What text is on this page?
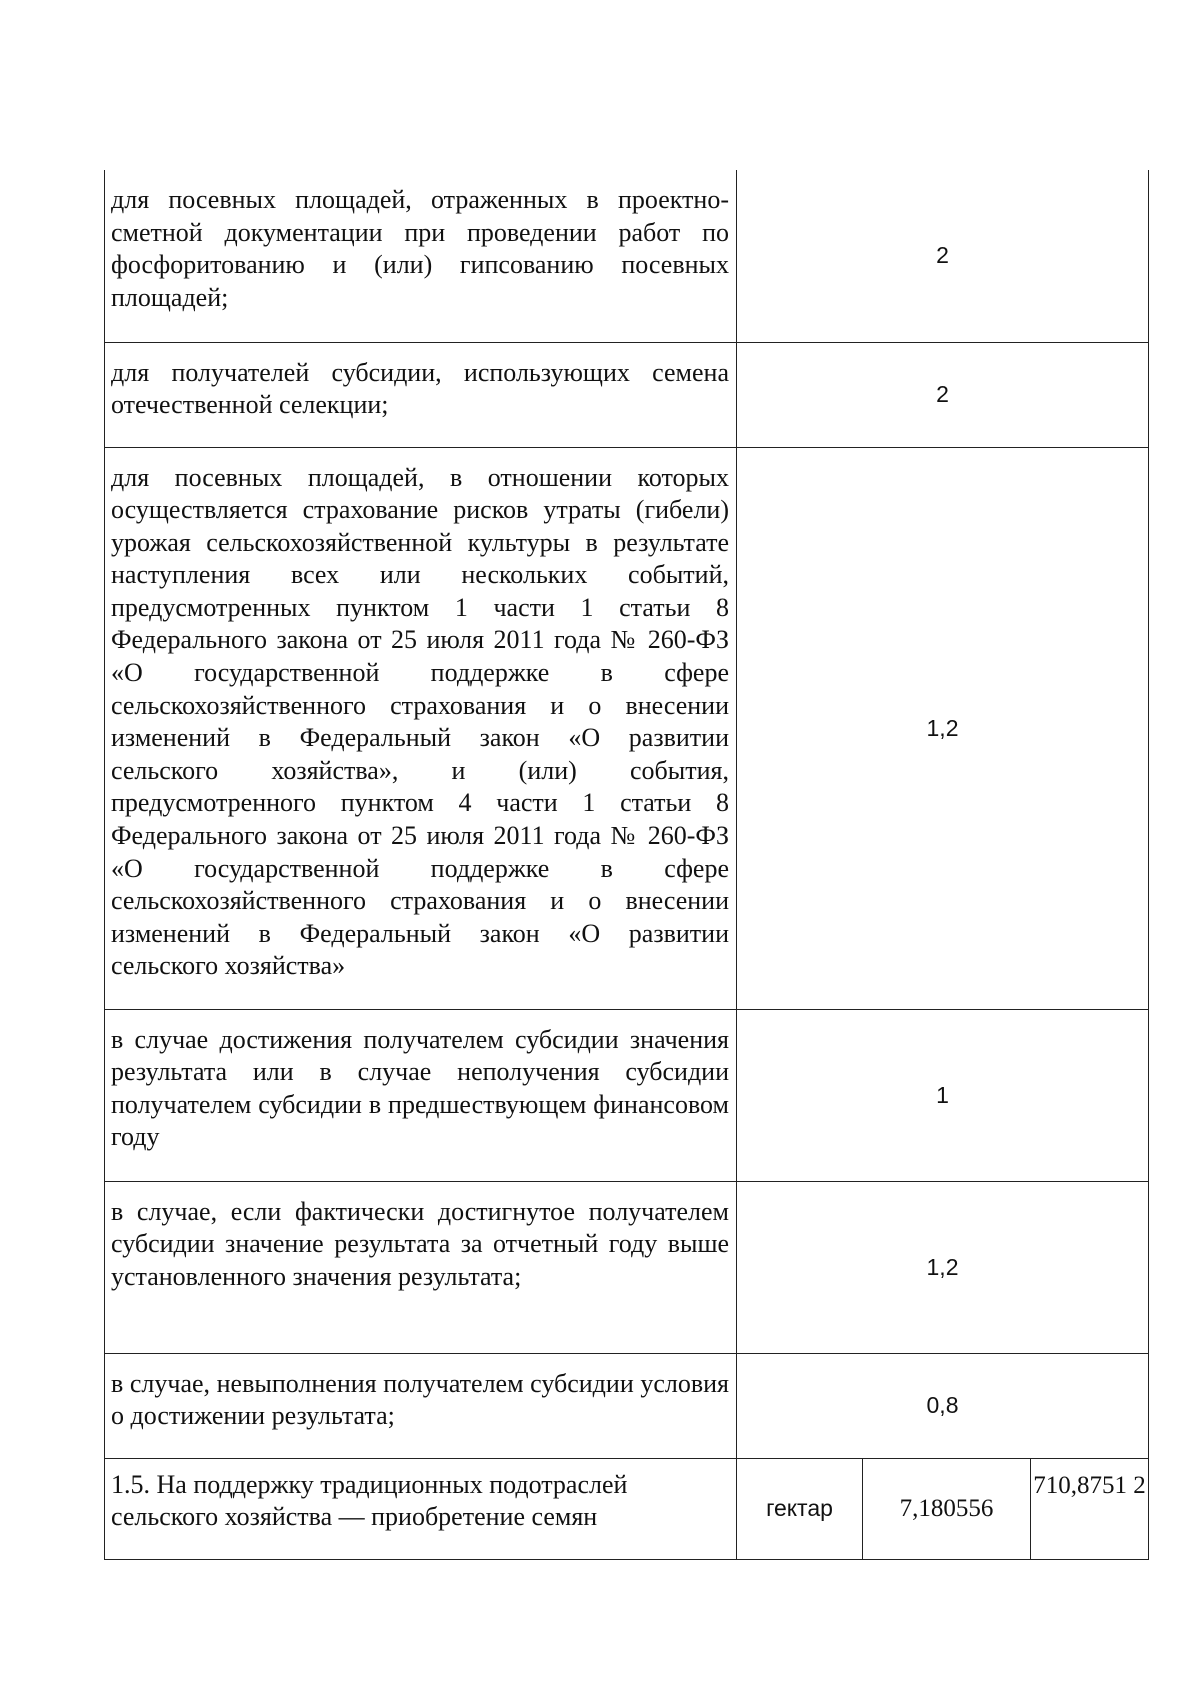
для посевных площадей, отраженных в проектно-сметной документации при проведении работ по фосфоритованию и (или) гипсованию посевных площадей;	2		

для получателей субсидии, использующих семена отечественной селекции;	2		

для посевных площадей, в отношении которых осуществляется страхование рисков утраты (гибели) урожая сельскохозяйственной культуры в результате наступления всех или нескольких событий, предусмотренных пунктом 1 части 1 статьи 8 Федерального закона от 25 июля 2011 года № 260-ФЗ «О государственной поддержке в сфере сельскохозяйственного страхования и о внесении изменений в Федеральный закон «О развитии сельского хозяйства», и (или) события, предусмотренного пунктом 4 части 1 статьи 8 Федерального закона от 25 июля 2011 года № 260-ФЗ «О государственной поддержке в сфере сельскохозяйственного страхования и о внесении изменений в Федеральный закон «О развитии сельского хозяйства»	1,2		

в случае достижения получателем субсидии значения результата или в случае неполучения субсидии получателем субсидии в предшествующем финансовом году	1		

в случае, если фактически достигнутое получателем субсидии значение результата за отчетный году выше установленного значения результата;	1,2		

в случае, невыполнения получателем субсидии условия о достижении результата;	0,8		
1.5. На поддержку традиционных подотраслей сельского хозяйства — приобретение семян	гектар	7,180556	710,8751 2
